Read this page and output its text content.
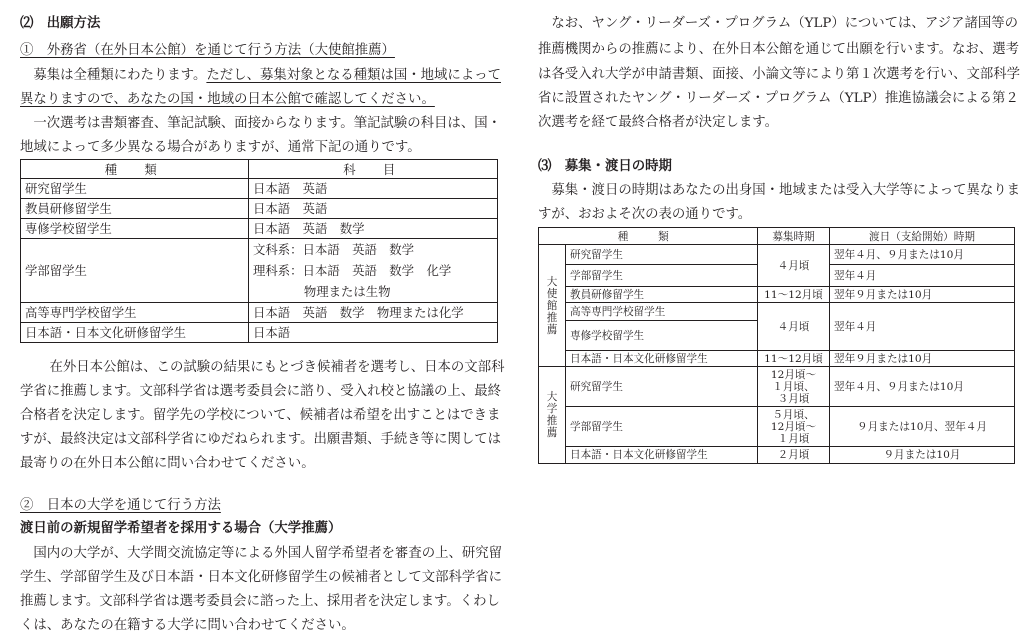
⑵　出願方法
①　外務省（在外日本公館）を通じて行う方法（大使館推薦）
募集は全種類にわたります。ただし、募集対象となる種類は国・地域によって
異なりますので、あなたの国・地域の日本公館で確認してください。
一次選考は書類審査、筆記試験、面接からなります。筆記試験の科目は、国・
地域によって多少異なる場合がありますが、通常下記の通りです。
種　類	科　目
研究留学生	日本語　英語
教員研修留学生	日本語　英語
専修学校留学生	日本語　英語　数学
学部留学生	文科系：日本語　英語　数学
理科系：日本語　英語　数学　化学
物理または生物

高等専門学校留学生	日本語　英語　数学　物理または化学
日本語・日本文化研修留学生	日本語
在外日本公館は、この試験の結果にもとづき候補者を選考し、日本の文部科
学省に推薦します。文部科学省は選考委員会に諮り、受入れ校と協議の上、最終
合格者を決定します。留学先の学校について、候補者は希望を出すことはできま
すが、最終決定は文部科学省にゆだねられます。出願書類、手続き等に関しては
最寄りの在外日本公館に問い合わせてください。
②　日本の大学を通じて行う方法
渡日前の新規留学希望者を採用する場合（大学推薦）
国内の大学が、大学間交流協定等による外国人留学希望者を審査の上、研究留
学生、学部留学生及び日本語・日本文化研修留学生の候補者として文部科学省に
推薦します。文部科学省は選考委員会に諮った上、採用者を決定します。くわし
くは、あなたの在籍する大学に問い合わせてください。
なお、ヤング・リーダーズ・プログラム（YLP）については、アジア諸国等の
推薦機関からの推薦により、在外日本公館を通じて出願を行います。なお、選考
は各受入れ大学が申請書類、面接、小論文等により第１次選考を行い、文部科学
省に設置されたヤング・リーダーズ・プログラム（YLP）推進協議会による第２
次選考を経て最終合格者が決定します。
⑶　募集・渡日の時期
募集・渡日の時期はあなたの出身国・地域または受入大学等によって異なりま
すが、おおよそ次の表の通りです。
種　類		募集時期	渡日（支給開始）時期
大使館推薦	研究留学生	４月頃	翌年４月、９月または10月
	学部留学生		翌年４月
	教員研修留学生	11〜12月頃	翌年９月または10月
	高等専門学校留学生	４月頃	翌年４月
	専修学校留学生		
	日本語・日本文化研修留学生	11〜12月頃	翌年９月または10月
大学推薦	研究留学生	12月頃〜
１月頃、
３月頃	翌年４月、９月または10月
	学部留学生	５月頃、
12月頃〜
１月頃	９月または10月、翌年４月
	日本語・日本文化研修留学生	２月頃	９月または10月
